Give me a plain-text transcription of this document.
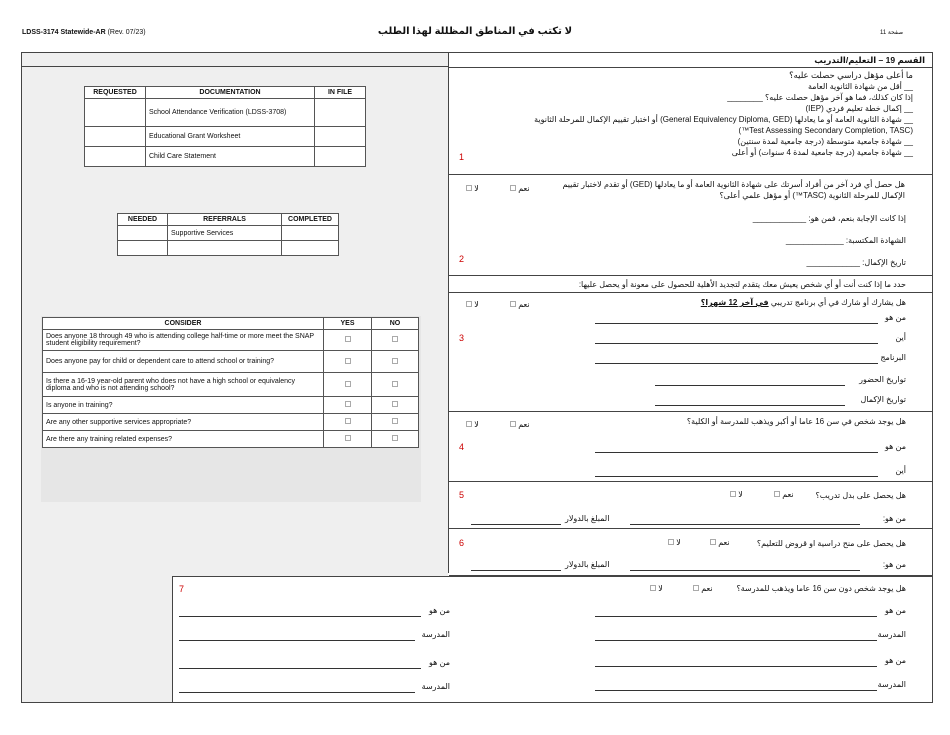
LDSS-3174 Statewide-AR (Rev. 07/23)	لا تكتب في المناطق المظللة لهذا الطلب	صفحة 11
REQUESTED	DOCUMENTATION	IN FILE
	School Attendance Verification (LDSS-3708)	
	Educational Grant Worksheet	
	Child Care Statement	
NEEDED	REFERRALS	COMPLETED
	Supportive Services	

CONSIDER	YES	NO
Does anyone 18 through 49 who is attending college half-time or more meet the SNAP student eligibility requirement?		
Does anyone pay for child or dependent care to attend school or training?		
Is there a 16-19 year-old parent who does not have a high school or equivalency diploma and who is not attending school?		
Is anyone in training?		
Are any other supportive services appropriate?		
Are there any training related expenses?		
القسم 19 – التعليم/التدريب
1
ما أعلى مؤهل دراسي حصلت عليه؟
__ أقل من شهادة الثانوية العامة
إذا كان كذلك، فما هو آخر مؤهل حصلت عليه؟ ________
__ إكمال خطة تعليم فردي (IEP)
__ شهادة الثانوية العامة أو ما يعادلها (General Equivalency Diploma, GED) أو اختبار تقييم الإكمال للمرحلة الثانوية
(Test Assessing Secondary Completion, TASC™)
__ شهادة جامعية متوسطة (درجة جامعية لمدة سنتين)
__ شهادة جامعية (درجة جامعية لمدة 4 سنوات) أو أعلى
2
لا	نعم	هل حصل أي فرد آخر من أفراد أسرتك على شهادة الثانوية العامة أو ما يعادلها (GED) أو تقدم لاختبار تقييم الإكمال للمرحلة الثانوية (TASC™) أو مؤهل علمي أعلى؟
إذا كانت الإجابة بنعم، فمن هو: ____________
الشهادة المكتسبة: _____________
تاريخ الإكمال: ____________
حدد ما إذا كنت أنت أو أي شخص يعيش معك يتقدم لتجديد الأهلية للحصول على معونة أو يحصل عليها:
3
لا	نعم	هل يشارك أو شارك في أي برنامج تدريبي في آخر 12 شهرا؟
من هو
أين
البرنامج
تواريخ الحضور
تواريخ الإكمال
4
لا	نعم	هل يوجد شخص في سن 16 عاما أو أكبر ويذهب للمدرسة أو الكلية؟
من هو
أين
5	هل يحصل على بدل تدريب؟
لا	نعم
من هو:
المبلغ بالدولار
6	هل يحصل على منح دراسية او قروض للتعليم؟
لا	نعم
من هو:
المبلغ بالدولار
7	هل يوجد شخص دون سن 16 عاما ويذهب للمدرسة؟
لا	نعم
من هو
المدرسة
من هو
المدرسة
من هو
المدرسة
من هو
المدرسة
